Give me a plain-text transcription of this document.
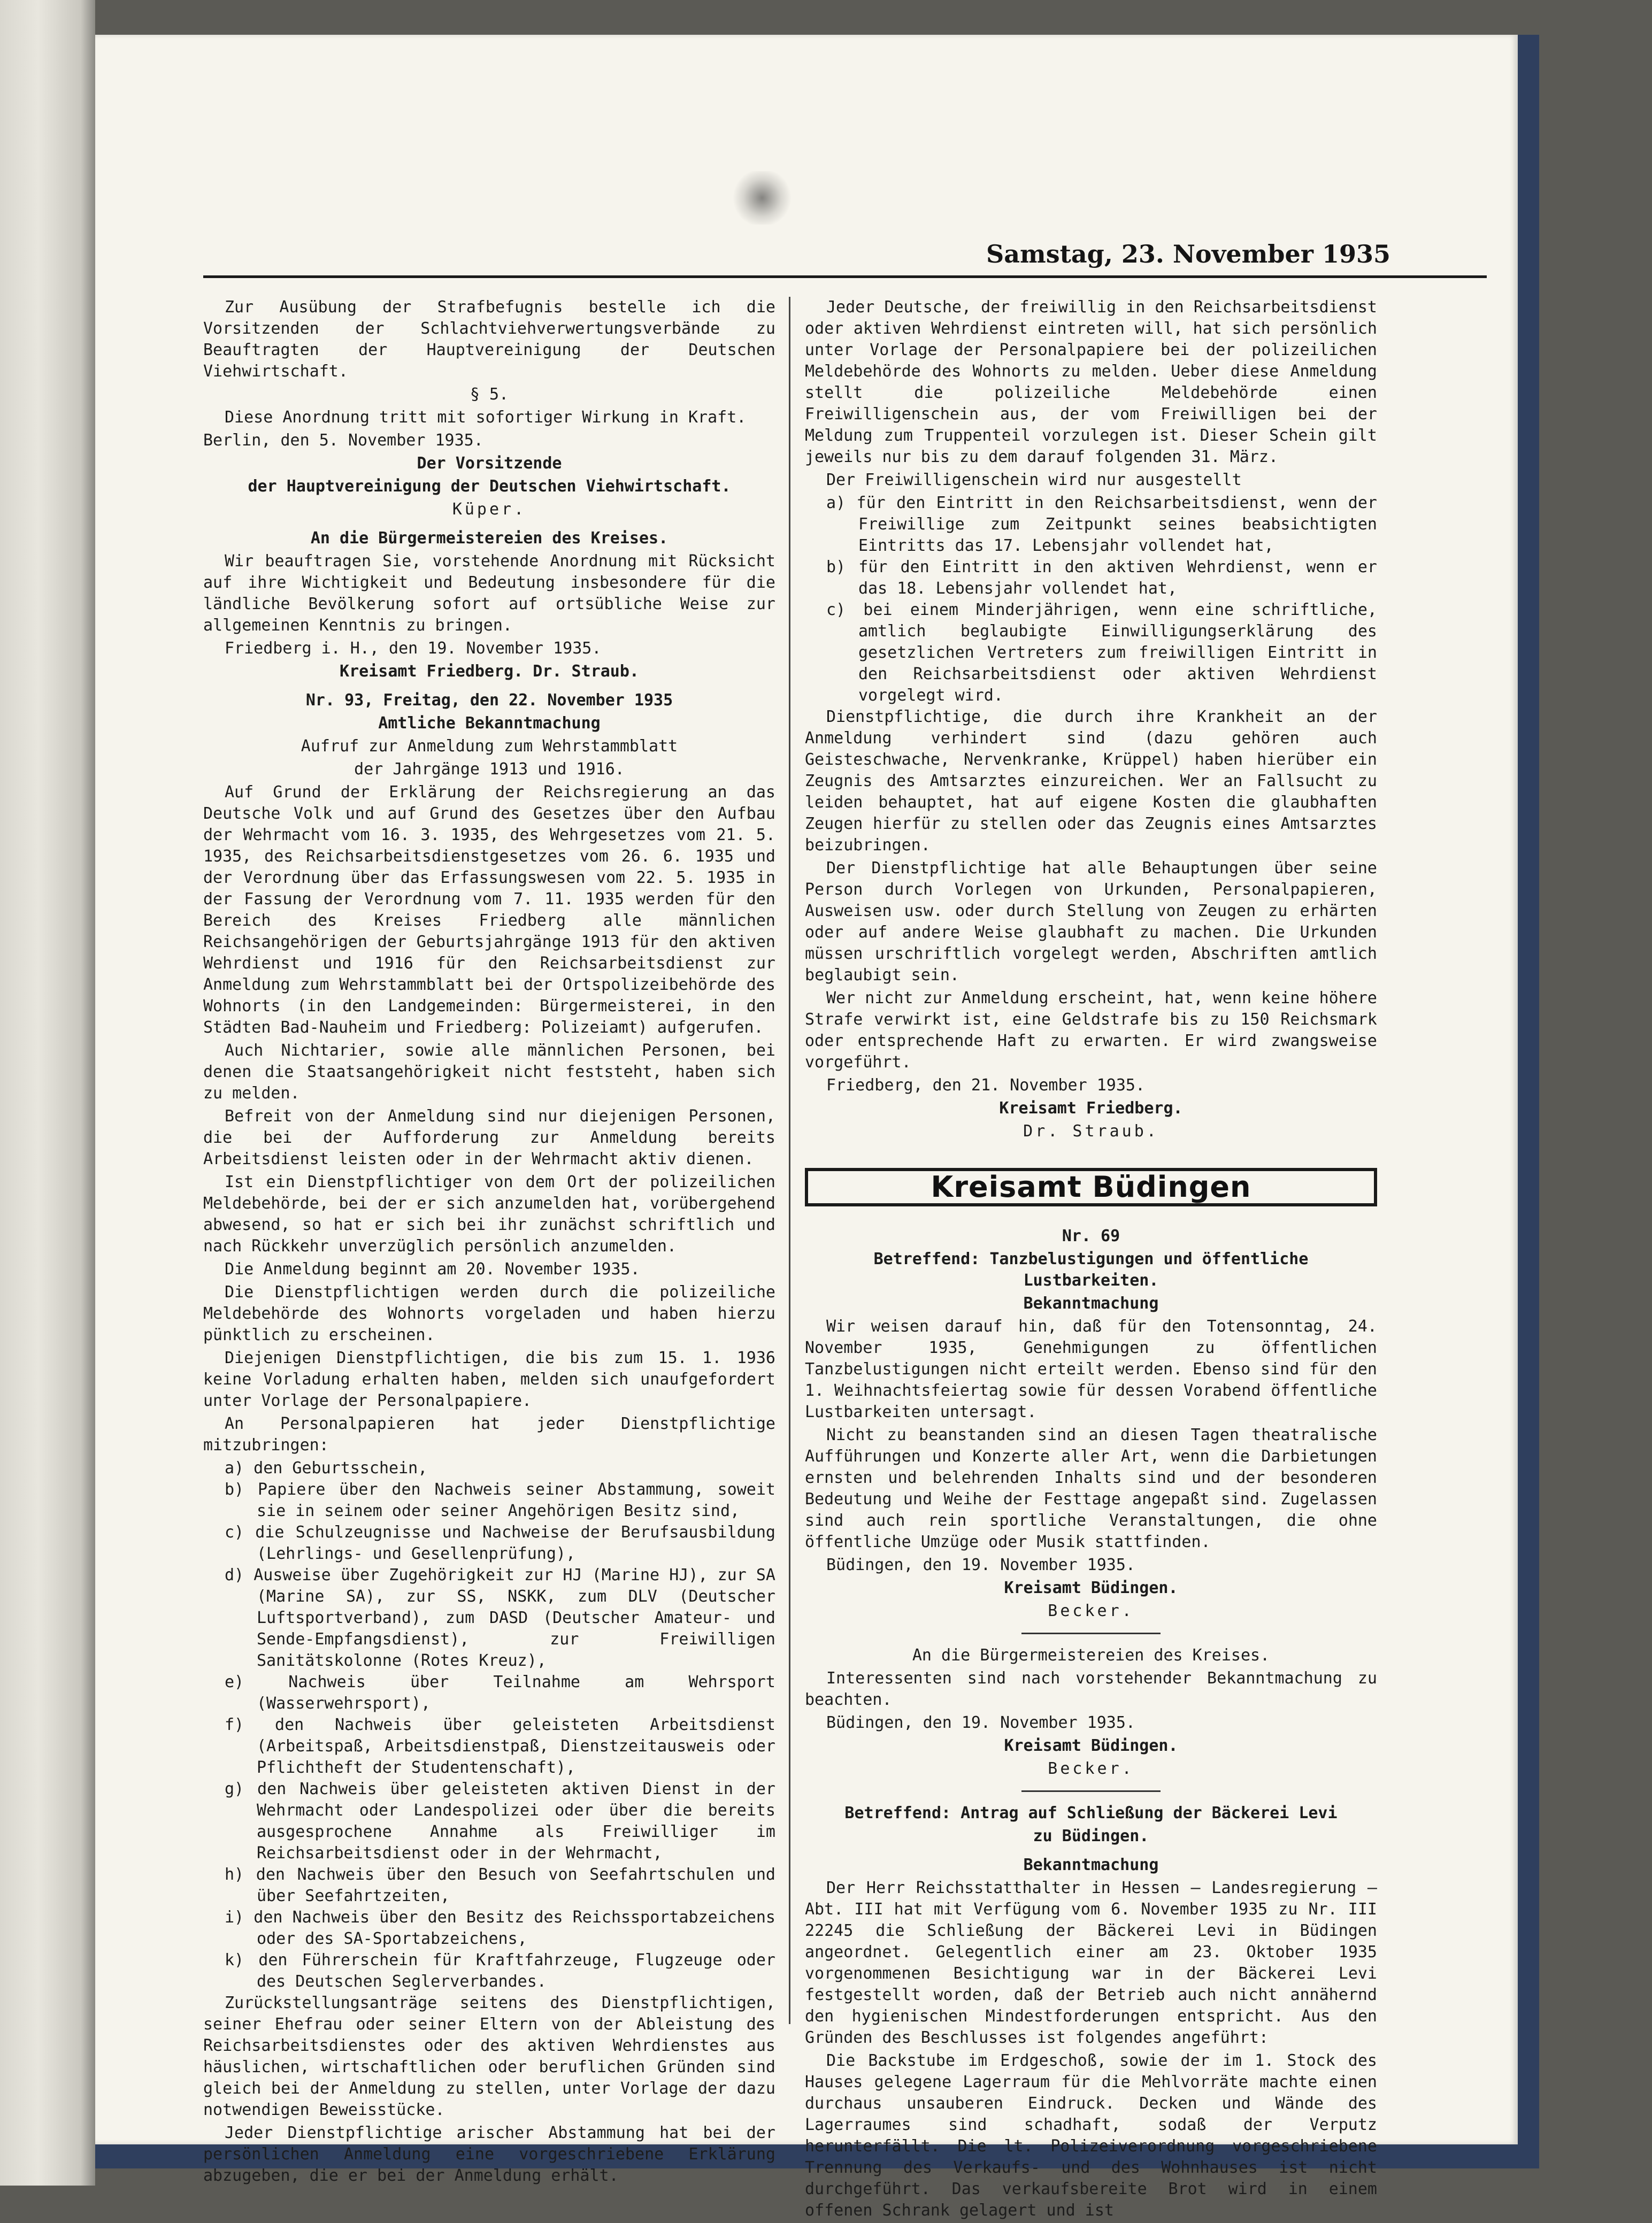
Samstag, 23. November 1935

Zur Ausübung der Strafbefugnis bestelle ich die Vorsitzenden der Schlachtviehverwertungsverbände zu Beauftragten der Hauptvereinigung der Deutschen Viehwirtschaft.

§ 5.

Diese Anordnung tritt mit sofortiger Wirkung in Kraft.

Berlin, den 5. November 1935.

Der Vorsitzende

der Hauptvereinigung der Deutschen Viehwirtschaft.

Küper.

An die Bürgermeistereien des Kreises.

Wir beauftragen Sie, vorstehende Anordnung mit Rücksicht auf ihre Wichtigkeit und Bedeutung insbesondere für die ländliche Bevölkerung sofort auf ortsübliche Weise zur allgemeinen Kenntnis zu bringen.

Friedberg i. H., den 19. November 1935.

Kreisamt Friedberg. Dr. Straub.

Nr. 93, Freitag, den 22. November 1935

Amtliche Bekanntmachung

Aufruf zur Anmeldung zum Wehrstammblatt

der Jahrgänge 1913 und 1916.

Auf Grund der Erklärung der Reichsregierung an das Deutsche Volk und auf Grund des Gesetzes über den Aufbau der Wehrmacht vom 16. 3. 1935, des Wehrgesetzes vom 21. 5. 1935, des Reichsarbeitsdienstgesetzes vom 26. 6. 1935 und der Verordnung über das Erfassungswesen vom 22. 5. 1935 in der Fassung der Verordnung vom 7. 11. 1935 werden für den Bereich des Kreises Friedberg alle männlichen Reichsangehörigen der Geburtsjahrgänge 1913 für den aktiven Wehrdienst und 1916 für den Reichsarbeitsdienst zur Anmeldung zum Wehrstammblatt bei der Ortspolizeibehörde des Wohnorts (in den Landgemeinden: Bürgermeisterei, in den Städten Bad-Nauheim und Friedberg: Polizeiamt) aufgerufen.

Auch Nichtarier, sowie alle männlichen Personen, bei denen die Staatsangehörigkeit nicht feststeht, haben sich zu melden.

Befreit von der Anmeldung sind nur diejenigen Personen, die bei der Aufforderung zur Anmeldung bereits Arbeitsdienst leisten oder in der Wehrmacht aktiv dienen.

Ist ein Dienstpflichtiger von dem Ort der polizeilichen Meldebehörde, bei der er sich anzumelden hat, vorübergehend abwesend, so hat er sich bei ihr zunächst schriftlich und nach Rückkehr unverzüglich persönlich anzumelden.

Die Anmeldung beginnt am 20. November 1935.

Die Dienstpflichtigen werden durch die polizeiliche Meldebehörde des Wohnorts vorgeladen und haben hierzu pünktlich zu erscheinen.

Diejenigen Dienstpflichtigen, die bis zum 15. 1. 1936 keine Vorladung erhalten haben, melden sich unaufgefordert unter Vorlage der Personalpapiere.

An Personalpapieren hat jeder Dienstpflichtige mitzubringen:

a) den Geburtsschein,
b) Papiere über den Nachweis seiner Abstammung, soweit sie in seinem oder seiner Angehörigen Besitz sind,
c) die Schulzeugnisse und Nachweise der Berufsausbildung (Lehrlings- und Gesellenprüfung),
d) Ausweise über Zugehörigkeit zur HJ (Marine HJ), zur SA (Marine SA), zur SS, NSKK, zum DLV (Deutscher Luftsportverband), zum DASD (Deutscher Amateur- und Sende-Empfangsdienst), zur Freiwilligen Sanitätskolonne (Rotes Kreuz),
e) Nachweis über Teilnahme am Wehrsport (Wasserwehrsport),
f) den Nachweis über geleisteten Arbeitsdienst (Arbeitspaß, Arbeitsdienstpaß, Dienstzeitausweis oder Pflichtheft der Studentenschaft),
g) den Nachweis über geleisteten aktiven Dienst in der Wehrmacht oder Landespolizei oder über die bereits ausgesprochene Annahme als Freiwilliger im Reichsarbeitsdienst oder in der Wehrmacht,
h) den Nachweis über den Besuch von Seefahrtschulen und über Seefahrtzeiten,
i) den Nachweis über den Besitz des Reichssportabzeichens oder des SA-Sportabzeichens,
k) den Führerschein für Kraftfahrzeuge, Flugzeuge oder des Deutschen Seglerverbandes.

Zurückstellungsanträge seitens des Dienstpflichtigen, seiner Ehefrau oder seiner Eltern von der Ableistung des Reichsarbeitsdienstes oder des aktiven Wehrdienstes aus häuslichen, wirtschaftlichen oder beruflichen Gründen sind gleich bei der Anmeldung zu stellen, unter Vorlage der dazu notwendigen Beweisstücke.

Jeder Dienstpflichtige arischer Abstammung hat bei der persönlichen Anmeldung eine vorgeschriebene Erklärung abzugeben, die er bei der Anmeldung erhält.

Jeder Deutsche, der freiwillig in den Reichsarbeitsdienst oder aktiven Wehrdienst eintreten will, hat sich persönlich unter Vorlage der Personalpapiere bei der polizeilichen Meldebehörde des Wohnorts zu melden. Ueber diese Anmeldung stellt die polizeiliche Meldebehörde einen Freiwilligenschein aus, der vom Freiwilligen bei der Meldung zum Truppenteil vorzulegen ist. Dieser Schein gilt jeweils nur bis zu dem darauf folgenden 31. März.

Der Freiwilligenschein wird nur ausgestellt

a) für den Eintritt in den Reichsarbeitsdienst, wenn der Freiwillige zum Zeitpunkt seines beabsichtigten Eintritts das 17. Lebensjahr vollendet hat,
b) für den Eintritt in den aktiven Wehrdienst, wenn er das 18. Lebensjahr vollendet hat,
c) bei einem Minderjährigen, wenn eine schriftliche, amtlich beglaubigte Einwilligungserklärung des gesetzlichen Vertreters zum freiwilligen Eintritt in den Reichsarbeitsdienst oder aktiven Wehrdienst vorgelegt wird.

Dienstpflichtige, die durch ihre Krankheit an der Anmeldung verhindert sind (dazu gehören auch Geisteschwache, Nervenkranke, Krüppel) haben hierüber ein Zeugnis des Amtsarztes einzureichen. Wer an Fallsucht zu leiden behauptet, hat auf eigene Kosten die glaubhaften Zeugen hierfür zu stellen oder das Zeugnis eines Amtsarztes beizubringen.

Der Dienstpflichtige hat alle Behauptungen über seine Person durch Vorlegen von Urkunden, Personalpapieren, Ausweisen usw. oder durch Stellung von Zeugen zu erhärten oder auf andere Weise glaubhaft zu machen. Die Urkunden müssen urschriftlich vorgelegt werden, Abschriften amtlich beglaubigt sein.

Wer nicht zur Anmeldung erscheint, hat, wenn keine höhere Strafe verwirkt ist, eine Geldstrafe bis zu 150 Reichsmark oder entsprechende Haft zu erwarten. Er wird zwangsweise vorgeführt.

Friedberg, den 21. November 1935.

Kreisamt Friedberg.

Dr. Straub.

Kreisamt Büdingen

Nr. 69

Betreffend: Tanzbelustigungen und öffentliche Lustbarkeiten.

Bekanntmachung

Wir weisen darauf hin, daß für den Totensonntag, 24. November 1935, Genehmigungen zu öffentlichen Tanzbelustigungen nicht erteilt werden. Ebenso sind für den 1. Weihnachtsfeiertag sowie für dessen Vorabend öffentliche Lustbarkeiten untersagt.

Nicht zu beanstanden sind an diesen Tagen theatralische Aufführungen und Konzerte aller Art, wenn die Darbietungen ernsten und belehrenden Inhalts sind und der besonderen Bedeutung und Weihe der Festtage angepaßt sind. Zugelassen sind auch rein sportliche Veranstaltungen, die ohne öffentliche Umzüge oder Musik stattfinden.

Büdingen, den 19. November 1935.

Kreisamt Büdingen.

Becker.

An die Bürgermeistereien des Kreises.

Interessenten sind nach vorstehender Bekanntmachung zu beachten.

Büdingen, den 19. November 1935.

Kreisamt Büdingen.

Becker.

Betreffend: Antrag auf Schließung der Bäckerei Levi

zu Büdingen.

Bekanntmachung

Der Herr Reichsstatthalter in Hessen — Landesregierung — Abt. III hat mit Verfügung vom 6. November 1935 zu Nr. III 22245 die Schließung der Bäckerei Levi in Büdingen angeordnet. Gelegentlich einer am 23. Oktober 1935 vorgenommenen Besichtigung war in der Bäckerei Levi festgestellt worden, daß der Betrieb auch nicht annähernd den hygienischen Mindestforderungen entspricht. Aus den Gründen des Beschlusses ist folgendes angeführt:

Die Backstube im Erdgeschoß, sowie der im 1. Stock des Hauses gelegene Lagerraum für die Mehlvorräte machte einen durchaus unsauberen Eindruck. Decken und Wände des Lagerraumes sind schadhaft, sodaß der Verputz herunterfällt. Die lt. Polizeiverordnung vorgeschriebene Trennung des Verkaufs- und des Wohnhauses ist nicht durchgeführt. Das verkaufsbereite Brot wird in einem offenen Schrank gelagert und ist
